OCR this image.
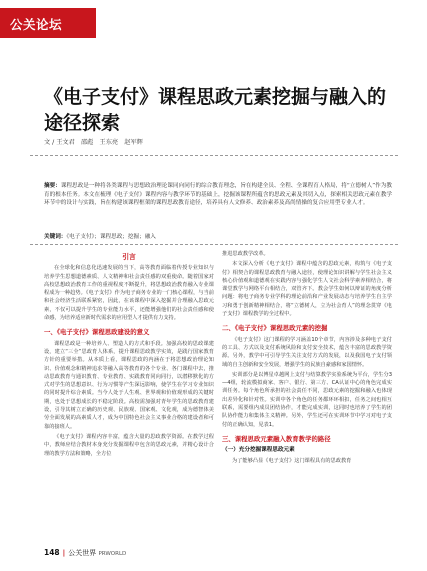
公关论坛
《电子支付》课程思政元素挖掘与融入的途径探索
文 / 王文君　邵彪　王东亮　赵军辉
摘要：课程思政是一种将各类课程与思想政治理论课同向同行的综合教育理念，旨在构建全员、全程、全课程育人格局，将“立德树人”作为教育的根本任务。本文在梳理《电子支付》课程内容与教学环节的基础上，挖掘该课程所蕴含的思政元素及其切入点，探索相关思政元素在教学环节中的设计与实践，旨在构建该课程框架的课程思政教育途径，培养具有人文修养、政治素养及高尚情操的复合应用型专业人才。
关键词：《电子支付》；课程思政；挖掘；融入
引言

在全球化和信息化迅速发展的当下，高等教育面临着传授专业知识与培养学生思想道德素质、人文精神和社会责任感的双重使命。随着国家对高校思想政治教育工作的重视程度不断提升，将思想政治教育融入专业课程成为一种趋势。《电子支付》作为电子商务专业的一门核心课程，与当前和社会经济生活联系紧密，因此，在该课程中深入挖掘并合理融入思政元素，不仅可以提升学生的专业能力水平，还能增强他们的社会责任感和使命感，为培养适应新时代需求的应用型人才提供有力支持。

一、《电子支付》课程思政建设的意义

课程思政是一种培养人、塑造人的方式和手段。加强高校的思政课建设，建立“三全”思政育人体系，提升课程思政教学实效，是践行国家教育方针的重要举措。从本质上看，课程思政的内涵在于将思想政治理论知识、价值观念和精神追求等融入高等教育的各个专业、各门课程中去，推动思政教育与通识教育、专业教育、实践教育同向同行，以潜移默化的方式对学生的思想意识、行为习惯等产生深远影响，使学生在学习专业知识的同时提升综合素质。当今人处于人生观、世界观和价值观形成的关键时期，也处于思想成长的不稳定阶段。高校需加强对青年学生的思政教育建设，引导其树立正确的历史观、民族观、国家观、文化观，成为德智体美劳全面发展的高素质人才，成为中国特色社会主义事业合格的建设者和可靠的接班人。

《电子支付》课程内容丰富，蕴含大量的思政教学资源。在教学过程中，教师应结合教材本身充分发掘课程中包含的思政元素，并精心设计合理的教学方法和策略，全方位

推进思政教学改革。

本文深入分析《电子支付》课程中蕴含的思政元素，构筑与《电子支付》相契合的课程思政教育与融入途径，使理论知识讲解与学生社会主义核心价值观和道德观在实践内容与强化学生人文社会科学素养相结合，将课堂教学与网络平台相结合，双管齐下。教会学生如何以辩证的角度分析问题：将电子商务专业学科的理论前沿和产业发展动态与培养学生自主学习和勇于创新精神相结合，将“立德树人，立为社会育人”的理念贯穿《电子支付》课程教学的全过程中。

二、《电子支付》课程思政元素的挖掘

《电子支付》这门课程的学习涵盖10个章节，内容涉及多种电子支付的工具、方式以及支付系统风险和支付安全技术，蕴含丰富的思政教学资源。另外，教学中可引导学生关注支付方式的发展，以及我国电子支付领域的自主创新和安全发展，增强学生的民族自豪感和家国情怀。

实训部分是以博星卓越网上支付与结算教学实验系统为平台，学生分3—4组，轮流模拟商家、客户、银行、第三方、CA认证中心的角色完成实训任务。每个角色所承担的社会责任不同，思政元素的挖掘和融入也体现出差异化和针对性。实训中各个角色的任务都环环相扣，任务之间也相互联系，需要组内成员团结协作，才能完成实训，这同时也培养了学生的团队协作能力和集体主义精神。另外，学生还可在实训环节中学习对电子支付的正确认知，见表1。

三、课程思政元素融入教育教学的路径
（一）充分挖掘课程思政元素

为了能够凸显《电子支付》这门课程具有的思政教育

148 | 公关世界 PRWORLD
